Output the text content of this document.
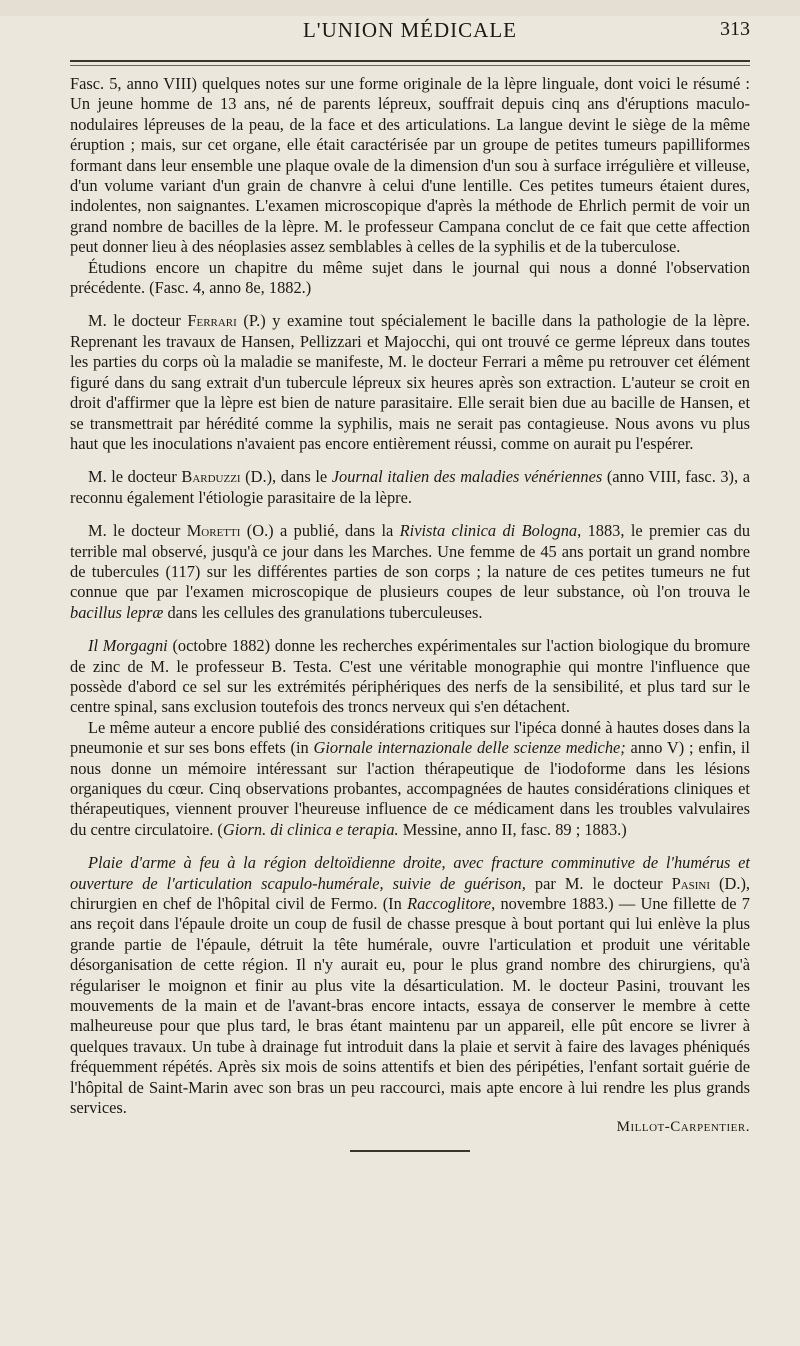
L'UNION MÉDICALE	313

Fasc. 5, anno VIII) quelques notes sur une forme originale de la lèpre linguale, dont voici le résumé : Un jeune homme de 13 ans, né de parents lépreux, souffrait depuis cinq ans d'éruptions maculo-nodulaires lépreuses de la peau, de la face et des articulations. La langue devint le siège de la même éruption ; mais, sur cet organe, elle était caractérisée par un groupe de petites tumeurs papilliformes formant dans leur ensemble une plaque ovale de la dimension d'un sou à surface irrégulière et villeuse, d'un volume variant d'un grain de chanvre à celui d'une lentille. Ces petites tumeurs étaient dures, indolentes, non saignantes. L'examen microscopique d'après la méthode de Ehrlich permit de voir un grand nombre de bacilles de la lèpre. M. le professeur Campana conclut de ce fait que cette affection peut donner lieu à des néoplasies assez semblables à celles de la syphilis et de la tuberculose.

Étudions encore un chapitre du même sujet dans le journal qui nous a donné l'observation précédente. (Fasc. 4, anno 8e, 1882.)

M. le docteur Ferrari (P.) y examine tout spécialement le bacille dans la pathologie de la lèpre. Reprenant les travaux de Hansen, Pellizzari et Majocchi, qui ont trouvé ce germe lépreux dans toutes les parties du corps où la maladie se manifeste, M. le docteur Ferrari a même pu retrouver cet élément figuré dans du sang extrait d'un tubercule lépreux six heures après son extraction. L'auteur se croit en droit d'affirmer que la lèpre est bien de nature parasitaire. Elle serait bien due au bacille de Hansen, et se transmettrait par hérédité comme la syphilis, mais ne serait pas contagieuse. Nous avons vu plus haut que les inoculations n'avaient pas encore entièrement réussi, comme on aurait pu l'espérer.

M. le docteur Barduzzi (D.), dans le Journal italien des maladies vénériennes (anno VIII, fasc. 3), a reconnu également l'étiologie parasitaire de la lèpre.

M. le docteur Moretti (O.) a publié, dans la Rivista clinica di Bologna, 1883, le premier cas du terrible mal observé, jusqu'à ce jour dans les Marches. Une femme de 45 ans portait un grand nombre de tubercules (117) sur les différentes parties de son corps ; la nature de ces petites tumeurs ne fut connue que par l'examen microscopique de plusieurs coupes de leur substance, où l'on trouva le bacillus lepræ dans les cellules des granulations tuberculeuses.

Il Morgagni (octobre 1882) donne les recherches expérimentales sur l'action biologique du bromure de zinc de M. le professeur B. Testa. C'est une véritable monographie qui montre l'influence que possède d'abord ce sel sur les extrémités périphériques des nerfs de la sensibilité, et plus tard sur le centre spinal, sans exclusion toutefois des troncs nerveux qui s'en détachent.

Le même auteur a encore publié des considérations critiques sur l'ipéca donné à hautes doses dans la pneumonie et sur ses bons effets (in Giornale internazionale delle scienze mediche; anno V) ; enfin, il nous donne un mémoire intéressant sur l'action thérapeutique de l'iodoforme dans les lésions organiques du cœur. Cinq observations probantes, accompagnées de hautes considérations cliniques et thérapeutiques, viennent prouver l'heureuse influence de ce médicament dans les troubles valvulaires du centre circulatoire. (Giorn. di clinica e terapia. Messine, anno II, fasc. 89 ; 1883.)

Plaie d'arme à feu à la région deltoïdienne droite, avec fracture comminutive de l'humérus et ouverture de l'articulation scapulo-humérale, suivie de guérison, par M. le docteur Pasini (D.), chirurgien en chef de l'hôpital civil de Fermo. (In Raccoglitore, novembre 1883.) — Une fillette de 7 ans reçoit dans l'épaule droite un coup de fusil de chasse presque à bout portant qui lui enlève la plus grande partie de l'épaule, détruit la tête humérale, ouvre l'articulation et produit une véritable désorganisation de cette région. Il n'y aurait eu, pour le plus grand nombre des chirurgiens, qu'à régulariser le moignon et finir au plus vite la désarticulation. M. le docteur Pasini, trouvant les mouvements de la main et de l'avant-bras encore intacts, essaya de conserver le membre à cette malheureuse pour que plus tard, le bras étant maintenu par un appareil, elle pût encore se livrer à quelques travaux. Un tube à drainage fut introduit dans la plaie et servit à faire des lavages phéniqués fréquemment répétés. Après six mois de soins attentifs et bien des péripéties, l'enfant sortait guérie de l'hôpital de Saint-Marin avec son bras un peu raccourci, mais apte encore à lui rendre les plus grands services.

Millot-Carpentier.
